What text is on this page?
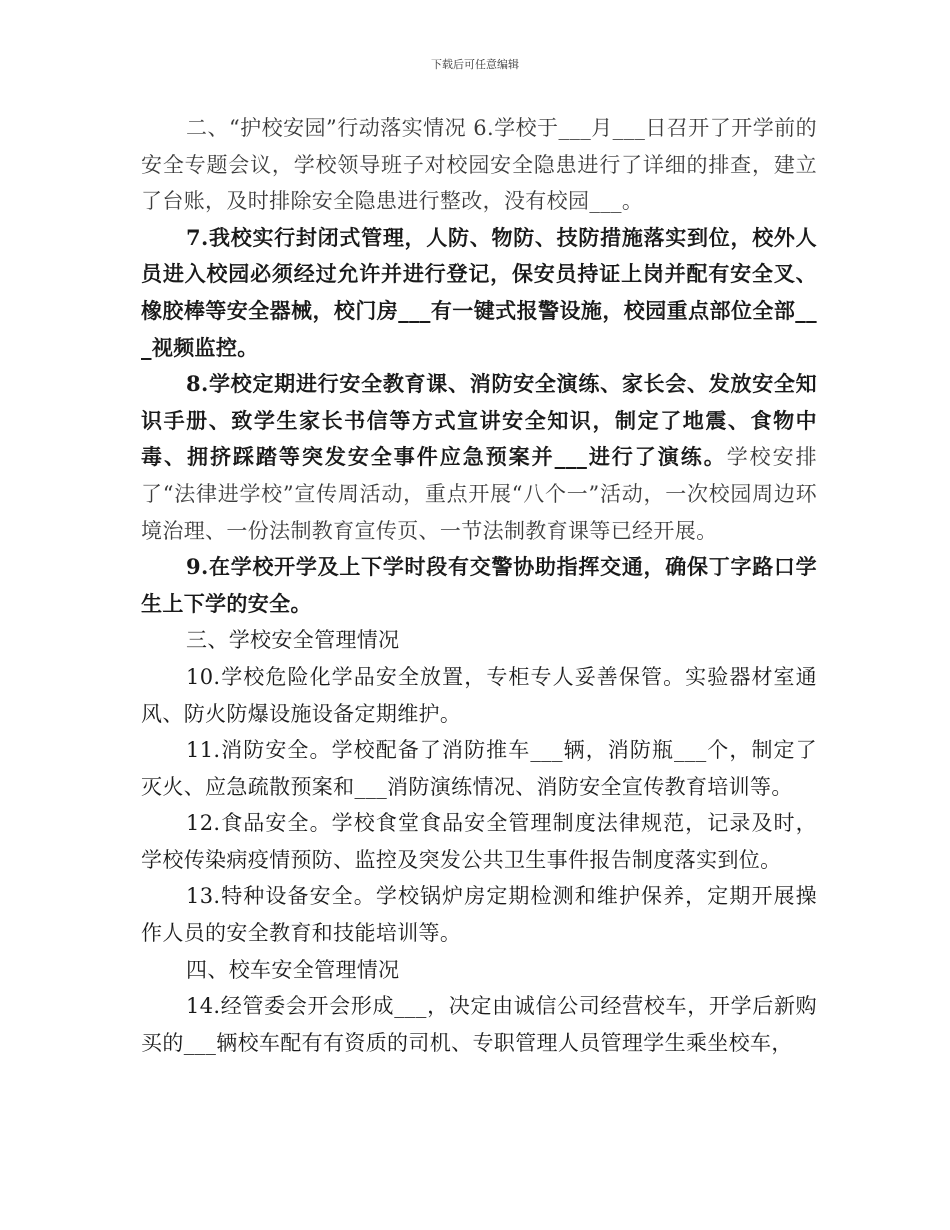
下载后可任意编辑

二、“护校安园”行动落实情况 6.学校于___月___日召开了开学前的安全专题会议，学校领导班子对校园安全隐患进行了详细的排查，建立了台账，及时排除安全隐患进行整改，没有校园___。

7.我校实行封闭式管理，人防、物防、技防措施落实到位，校外人员进入校园必须经过允许并进行登记，保安员持证上岗并配有安全叉、橡胶棒等安全器械，校门房___有一键式报警设施，校园重点部位全部___视频监控。

8.学校定期进行安全教育课、消防安全演练、家长会、发放安全知识手册、致学生家长书信等方式宣讲安全知识，制定了地震、食物中毒、拥挤踩踏等突发安全事件应急预案并___进行了演练。学校安排了“法律进学校”宣传周活动，重点开展“八个一”活动，一次校园周边环境治理、一份法制教育宣传页、一节法制教育课等已经开展。

9.在学校开学及上下学时段有交警协助指挥交通，确保丁字路口学生上下学的安全。

三、学校安全管理情况

10.学校危险化学品安全放置，专柜专人妥善保管。实验器材室通风、防火防爆设施设备定期维护。

11.消防安全。学校配备了消防推车___辆，消防瓶___个，制定了灭火、应急疏散预案和___消防演练情况、消防安全宣传教育培训等。

12.食品安全。学校食堂食品安全管理制度法律规范，记录及时，学校传染病疫情预防、监控及突发公共卫生事件报告制度落实到位。

13.特种设备安全。学校锅炉房定期检测和维护保养，定期开展操作人员的安全教育和技能培训等。

四、校车安全管理情况

14.经管委会开会形成___，决定由诚信公司经营校车，开学后新购买的___辆校车配有有资质的司机、专职管理人员管理学生乘坐校车，
